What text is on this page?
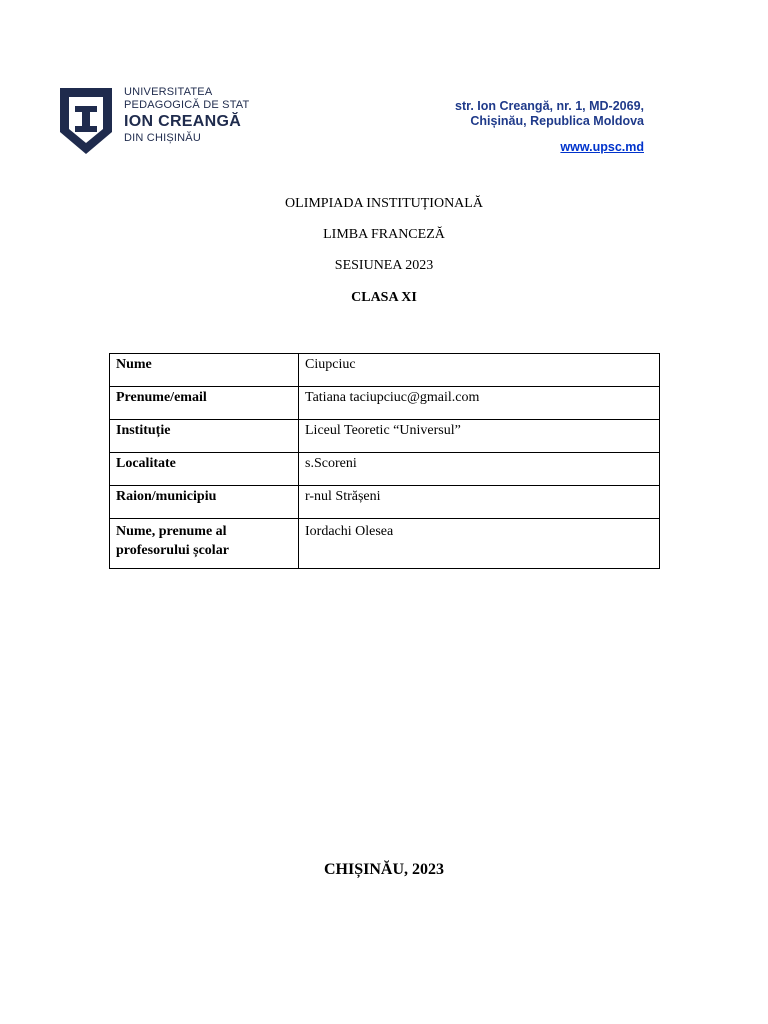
UNIVERSITATEA
PEDAGOGICĂ DE STAT
ION CREANGĂ
DIN CHIȘINĂU
str. Ion Creangă, nr. 1, MD-2069,
Chișinău, Republica Moldova
www.upsc.md
OLIMPIADA INSTITUȚIONALĂ
LIMBA FRANCEZĂ
SESIUNEA 2023
CLASA XI
Nume	Ciupciuc
Prenume/email	Tatiana taciupciuc@gmail.com
Instituție	Liceul Teoretic “Universul”
Localitate	s.Scoreni
Raion/municipiu	r-nul Strășeni
Nume, prenume al profesorului școlar	Iordachi Olesea
CHIȘINĂU, 2023
